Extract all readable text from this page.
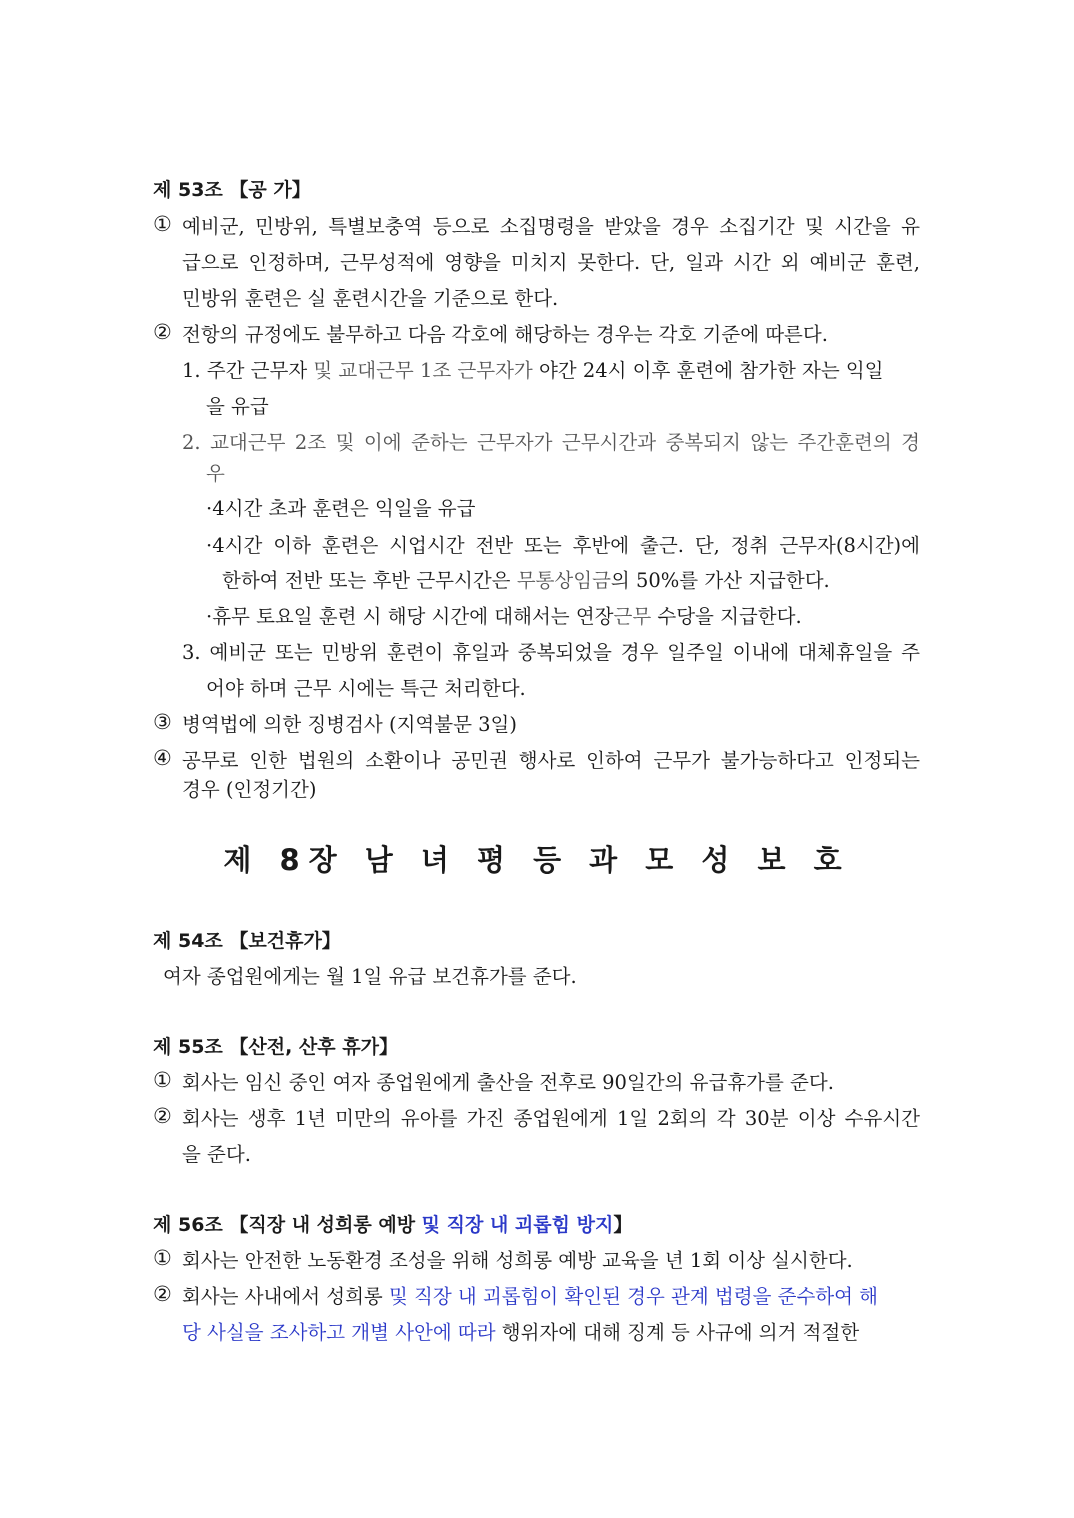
제 53조 【공 가】
① 예비군, 민방위, 특별보충역 등으로 소집명령을 받았을 경우 소집기간 및 시간을 유
급으로 인정하며, 근무성적에 영향을 미치지 못한다. 단, 일과 시간 외 예비군 훈련,
민방위 훈련은 실 훈련시간을 기준으로 한다.
② 전항의 규정에도 불무하고 다음 각호에 해당하는 경우는 각호 기준에 따른다.
1. 주간 근무자 및 교대근무 1조 근무자가 야간 24시 이후 훈련에 참가한 자는 익일
을 유급
2. 교대근무 2조 및 이에 준하는 근무자가 근무시간과 중복되지 않는 주간훈련의 경
우
·4시간 초과 훈련은 익일을 유급
·4시간 이하 훈련은 시업시간 전반 또는 후반에 출근. 단, 정취 근무자(8시간)에
한하여 전반 또는 후반 근무시간은 무통상임금의 50%를 가산 지급한다.
·휴무 토요일 훈련 시 해당 시간에 대해서는 연장근무 수당을 지급한다.
3. 예비군 또는 민방위 훈련이 휴일과 중복되었을 경우 일주일 이내에 대체휴일을 주
어야 하며 근무 시에는 특근 처리한다.
③ 병역법에 의한 징병검사 (지역불문 3일)
④ 공무로 인한 법원의 소환이나 공민권 행사로 인하여 근무가 불가능하다고 인정되는
경우 (인정기간)
제 8장 남 녀 평 등 과 모 성 보 호
제 54조 【보건휴가】
여자 종업원에게는 월 1일 유급 보건휴가를 준다.
제 55조 【산전, 산후 휴가】
① 회사는 임신 중인 여자 종업원에게 출산을 전후로 90일간의 유급휴가를 준다.
② 회사는 생후 1년 미만의 유아를 가진 종업원에게 1일 2회의 각 30분 이상 수유시간
을 준다.
제 56조 【직장 내 성희롱 예방 및 직장 내 괴롭힘 방지】
① 회사는 안전한 노동환경 조성을 위해 성희롱 예방 교육을 년 1회 이상 실시한다.
② 회사는 사내에서 성희롱 및 직장 내 괴롭힘이 확인된 경우 관계 법령을 준수하여 해
당 사실을 조사하고 개별 사안에 따라 행위자에 대해 징계 등 사규에 의거 적절한
